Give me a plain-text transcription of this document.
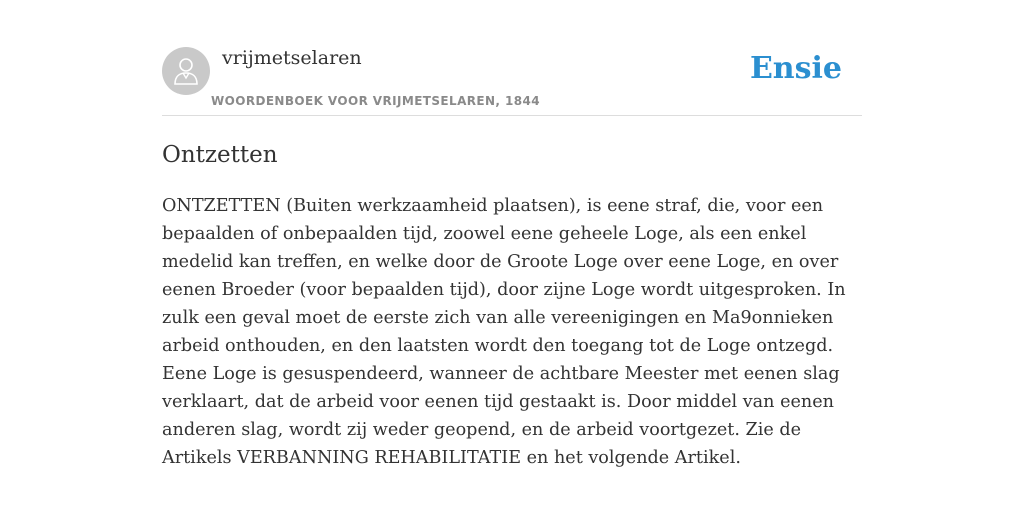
vrijmetselaren
WOORDENBOEK VOOR VRIJMETSELAREN, 1844
Ensie
Ontzetten

ONTZETTEN (Buiten werkzaamheid plaatsen), is eene straf, die, voor een bepaalden of onbepaalden tijd, zoowel eene geheele Loge, als een enkel medelid kan treffen, en welke door de Groote Loge over eene Loge, en over eenen Broeder (voor bepaalden tijd), door zijne Loge wordt uitgesproken. In zulk een geval moet de eerste zich van alle vereenigingen en Ma9onnieken arbeid onthouden, en den laatsten wordt den toegang tot de Loge ontzegd. Eene Loge is gesuspendeerd, wanneer de achtbare Meester met eenen slag verklaart, dat de arbeid voor eenen tijd gestaakt is. Door middel van eenen anderen slag, wordt zij weder geopend, en de arbeid voortgezet. Zie de Artikels VERBANNING REHABILITATIE en het volgende Artikel.
